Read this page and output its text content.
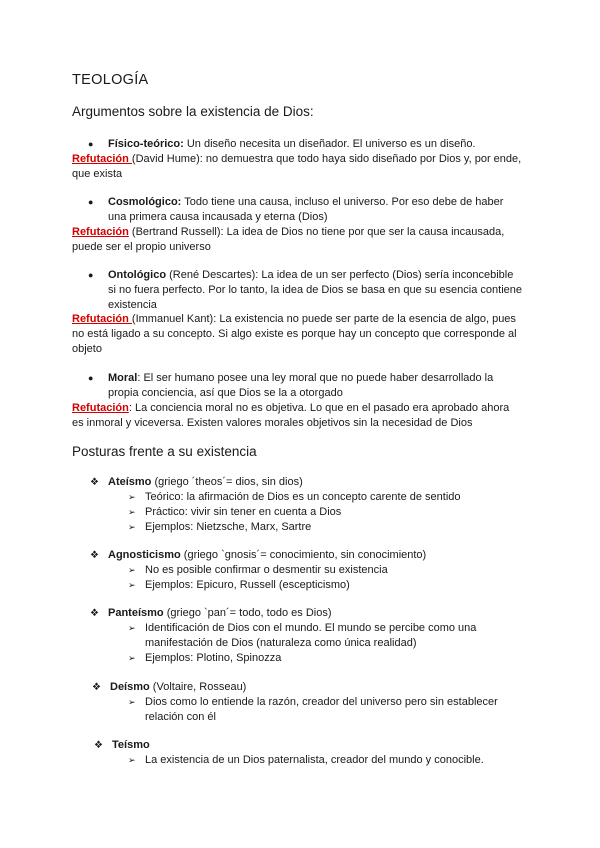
TEOLOGÍA
Argumentos sobre la existencia de Dios:
● Físico-teórico: Un diseño necesita un diseñador. El universo es un diseño.
Refutación (David Hume): no demuestra que todo haya sido diseñado por Dios y, por ende,
que exista
● Cosmológico: Todo tiene una causa, incluso el universo. Por eso debe de haber
una primera causa incausada y eterna (Dios)
Refutación (Bertrand Russell): La idea de Dios no tiene por que ser la causa incausada,
puede ser el propio universo
● Ontológico (René Descartes): La idea de un ser perfecto (Dios) sería inconcebible
si no fuera perfecto. Por lo tanto, la idea de Dios se basa en que su esencia contiene
existencia
Refutación (Immanuel Kant): La existencia no puede ser parte de la esencia de algo, pues
no está ligado a su concepto. Si algo existe es porque hay un concepto que corresponde al
objeto
● Moral: El ser humano posee una ley moral que no puede haber desarrollado la
propia conciencia, así que Dios se la a otorgado
Refutación: La conciencia moral no es objetiva. Lo que en el pasado era aprobado ahora
es inmoral y viceversa. Existen valores morales objetivos sin la necesidad de Dios
Posturas frente a su existencia
❖ Ateísmo (griego ´theos´= dios, sin dios)
➢ Teórico: la afirmación de Dios es un concepto carente de sentido
➢ Práctico: vivir sin tener en cuenta a Dios
➢ Ejemplos: Nietzsche, Marx, Sartre
❖ Agnosticismo (griego `gnosis´= conocimiento, sin conocimiento)
➢ No es posible confirmar o desmentir su existencia
➢ Ejemplos: Epicuro, Russell (escepticismo)
❖ Panteísmo (griego `pan´= todo, todo es Dios)
➢ Identificación de Dios con el mundo. El mundo se percibe como una
manifestación de Dios (naturaleza como única realidad)
➢ Ejemplos: Plotino, Spinozza
❖ Deísmo (Voltaire, Rosseau)
➢ Dios como lo entiende la razón, creador del universo pero sin establecer
relación con él
❖ Teísmo
➢ La existencia de un Dios paternalista, creador del mundo y conocible.
